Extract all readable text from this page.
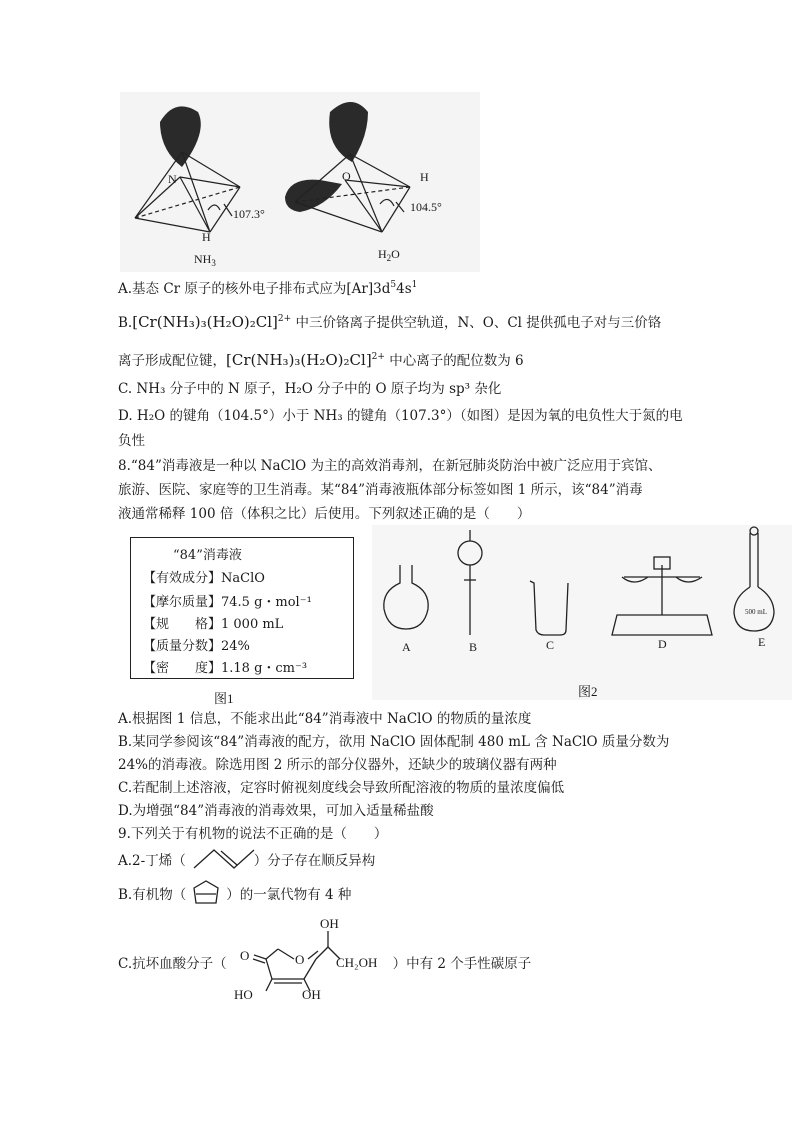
N
H
107.3°
O	H
104.5°
$NH_3$
$H_2O$
A.基态 Cr 原子的核外电子排布式应为$[Ar]3d^54s^1$
$B.[Cr(NH_3)_3(H_2O)_2Cl]^{2+}$ 中三价铬离子提供空轨道，N、O、Cl 提供孤电子对与三价铬
离子形成配位键，$[Cr(NH_3)_3(H_2O)_2Cl]^{2+}$ 中心离子的配位数为 6
C. NH₃ 分子中的 N 原子，H₂O 分子中的 O 原子均为 sp³ 杂化
D. H₂O 的键角（104.5°）小于 NH₃ 的键角（107.3°）（如图）是因为氧的电负性大于氮的电
负性
8.“84”消毒液是一种以 NaClO 为主的高效消毒剂，在新冠肺炎防治中被广泛应用于宾馆、
旅游、医院、家庭等的卫生消毒。某“84”消毒液瓶体部分标签如图 1 所示，该“84”消毒
液通常稀释 100 倍（体积之比）后使用。下列叙述正确的是（　　）
“84”消毒液
【有效成分】NaClO
【摩尔质量】74.5 g・mol⁻¹
【规　　格】1 000 mL
【质量分数】24%
【密　　度】1.18 g・cm⁻³
图1
500 mL
A	B	C	D	E
图2
A.根据图 1 信息，不能求出此“84”消毒液中 NaClO 的物质的量浓度
B.某同学参阅该“84”消毒液的配方，欲用 NaClO 固体配制 480 mL 含 NaClO 质量分数为
24%的消毒液。除选用图 2 所示的部分仪器外，还缺少的玻璃仪器有两种
C.若配制上述溶液，定容时俯视刻度线会导致所配溶液的物质的量浓度偏低
D.为增强“84”消毒液的消毒效果，可加入适量稀盐酸
9.下列关于有机物的说法不正确的是（　　）
A.2-丁烯（	）分子存在顺反异构
B.有机物（	）的一氯代物有 4 种
C.抗坏血酸分子（	）中有 2 个手性碳原子
O	O
OH
CH₂OH
HO	OH
